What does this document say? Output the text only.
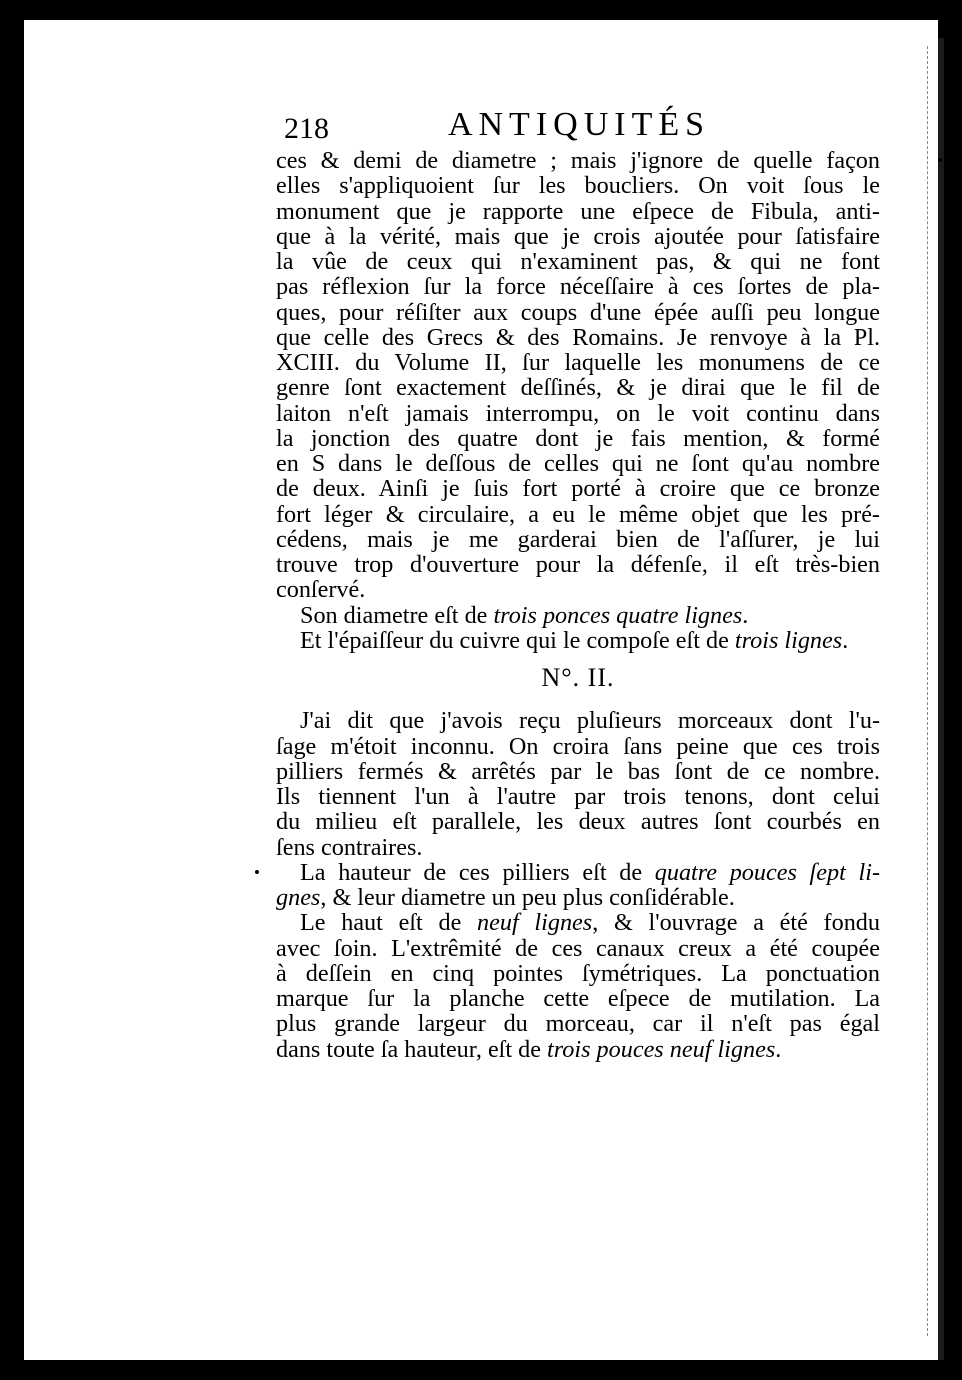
218	ANTIQUITÉS
ces & demi de diametre ; mais j'ignore de quelle façon
elles s'appliquoient ſur les boucliers. On voit ſous le
monument que je rapporte une eſpece de Fibula, anti-
que à la vérité, mais que je crois ajoutée pour ſatisfaire
la vûe de ceux qui n'examinent pas, & qui ne font
pas réflexion ſur la force néceſſaire à ces ſortes de pla-
ques, pour réſiſter aux coups d'une épée auſſi peu longue
que celle des Grecs & des Romains. Je renvoye à la Pl.
XCIII. du Volume II, ſur laquelle les monumens de ce
genre ſont exactement deſſinés, & je dirai que le fil de
laiton n'eſt jamais interrompu, on le voit continu dans
la jonction des quatre dont je fais mention, & formé
en S dans le deſſous de celles qui ne ſont qu'au nombre
de deux. Ainſi je ſuis fort porté à croire que ce bronze
fort léger & circulaire, a eu le même objet que les pré-
cédens, mais je me garderai bien de l'aſſurer, je lui
trouve trop d'ouverture pour la défenſe, il eſt très-bien
conſervé.
Son diametre eſt de trois ponces quatre lignes.
Et l'épaiſſeur du cuivre qui le compoſe eſt de trois lignes.
N°. II.
J'ai dit que j'avois reçu pluſieurs morceaux dont l'u-
ſage m'étoit inconnu. On croira ſans peine que ces trois
pilliers fermés & arrêtés par le bas ſont de ce nombre.
Ils tiennent l'un à l'autre par trois tenons, dont celui
du milieu eſt parallele, les deux autres ſont courbés en
ſens contraires.
La hauteur de ces pilliers eſt de quatre pouces ſept li-
gnes, & leur diametre un peu plus conſidérable.
Le haut eſt de neuf lignes, & l'ouvrage a été fondu
avec ſoin. L'extrêmité de ces canaux creux a été coupée
à deſſein en cinq pointes ſymétriques. La ponctuation
marque ſur la planche cette eſpece de mutilation. La
plus grande largeur du morceau, car il n'eſt pas égal
dans toute ſa hauteur, eſt de trois pouces neuf lignes.
